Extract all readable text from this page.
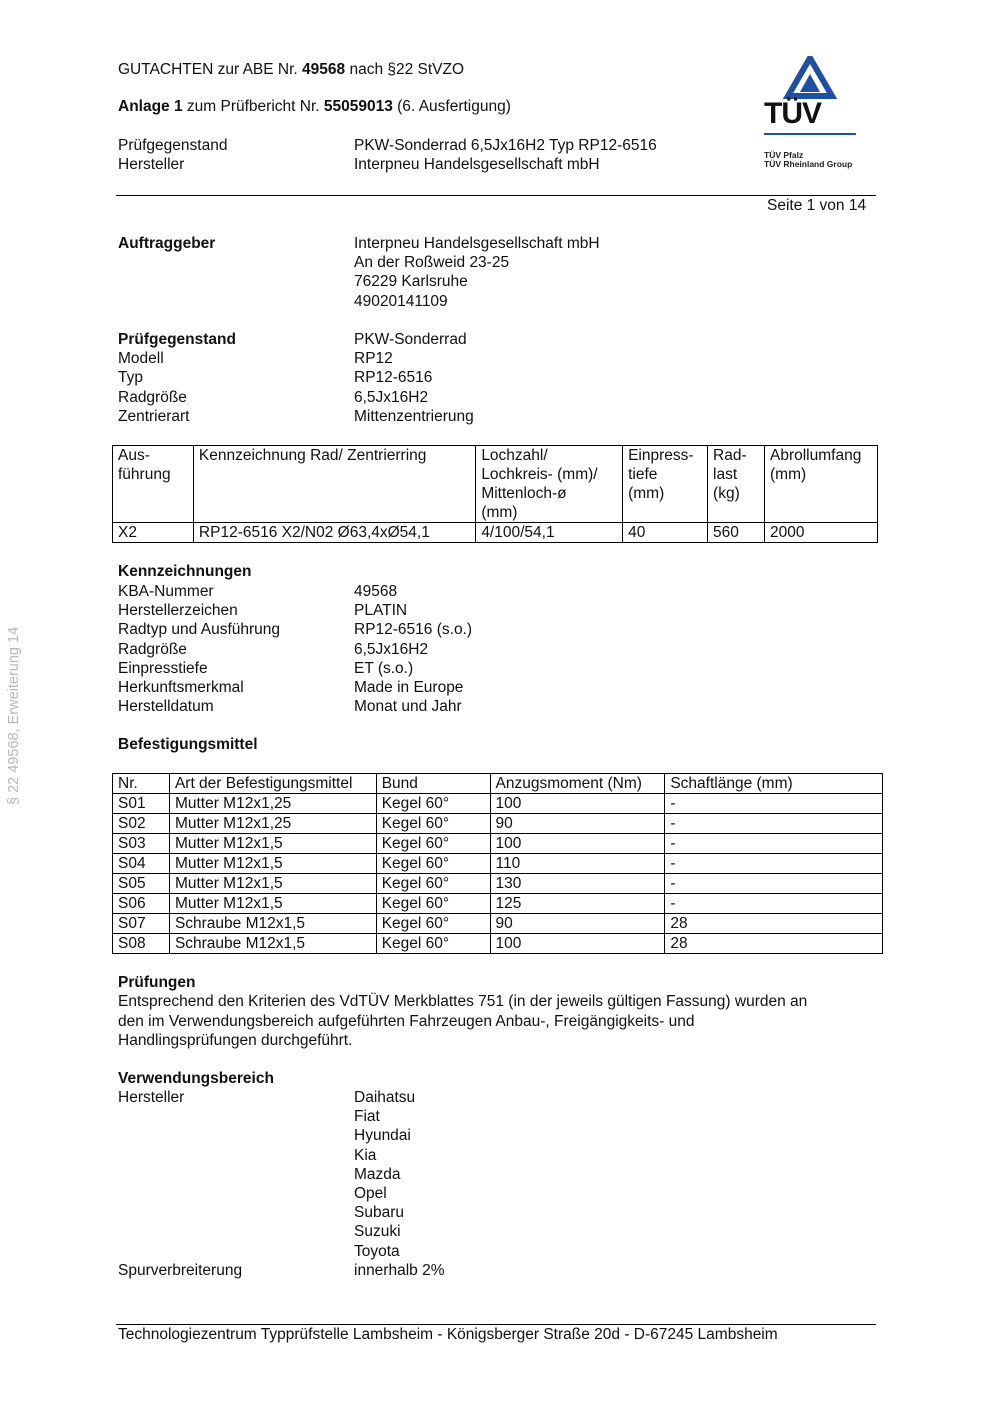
GUTACHTEN zur ABE Nr. 49568 nach §22 StVZO
Anlage 1 zum Prüfbericht Nr. 55059013 (6. Ausfertigung)
Prüfgegenstand	PKW-Sonderrad 6,5Jx16H2 Typ RP12-6516
Hersteller	Interpneu Handelsgesellschaft mbH
TÜV
TÜV Pfalz
TÜV Rheinland Group
Seite 1 von 14
§ 22 49568, Erweiterung 14
Auftraggeber	Interpneu Handelsgesellschaft mbH
An der Roßweid 23-25
76229 Karlsruhe
49020141109
Prüfgegenstand	PKW-Sonderrad
Modell	RP12
Typ	RP12-6516
Radgröße	6,5Jx16H2
Zentrierart	Mittenzentrierung
Aus-
führung	Kennzeichnung Rad/ Zentrierring	Lochzahl/
Lochkreis- (mm)/
Mittenloch-ø
(mm)	Einpress-
tiefe
(mm)	Rad-
last
(kg)	Abrollumfang
(mm)
X2	RP12-6516 X2/N02 Ø63,4xØ54,1	4/100/54,1	40	560	2000
Kennzeichnungen
KBA-Nummer	49568
Herstellerzeichen	PLATIN
Radtyp und Ausführung	RP12-6516 (s.o.)
Radgröße	6,5Jx16H2
Einpresstiefe	ET (s.o.)
Herkunftsmerkmal	Made in Europe
Herstelldatum	Monat und Jahr
Befestigungsmittel
Nr.	Art der Befestigungsmittel	Bund	Anzugsmoment (Nm)	Schaftlänge (mm)
S01	Mutter M12x1,25	Kegel 60°	100	-
S02	Mutter M12x1,25	Kegel 60°	90	-
S03	Mutter M12x1,5	Kegel 60°	100	-
S04	Mutter M12x1,5	Kegel 60°	110	-
S05	Mutter M12x1,5	Kegel 60°	130	-
S06	Mutter M12x1,5	Kegel 60°	125	-
S07	Schraube M12x1,5	Kegel 60°	90	28
S08	Schraube M12x1,5	Kegel 60°	100	28
Prüfungen
Entsprechend den Kriterien des VdTÜV Merkblattes 751 (in der jeweils gültigen Fassung) wurden an
den im Verwendungsbereich aufgeführten Fahrzeugen Anbau-, Freigängigkeits- und
Handlingsprüfungen durchgeführt.
Verwendungsbereich
Hersteller	Daihatsu
Fiat
Hyundai
Kia
Mazda
Opel
Subaru
Suzuki
Toyota
Spurverbreiterung	innerhalb 2%
Technologiezentrum Typprüfstelle Lambsheim - Königsberger Straße 20d - D-67245 Lambsheim
